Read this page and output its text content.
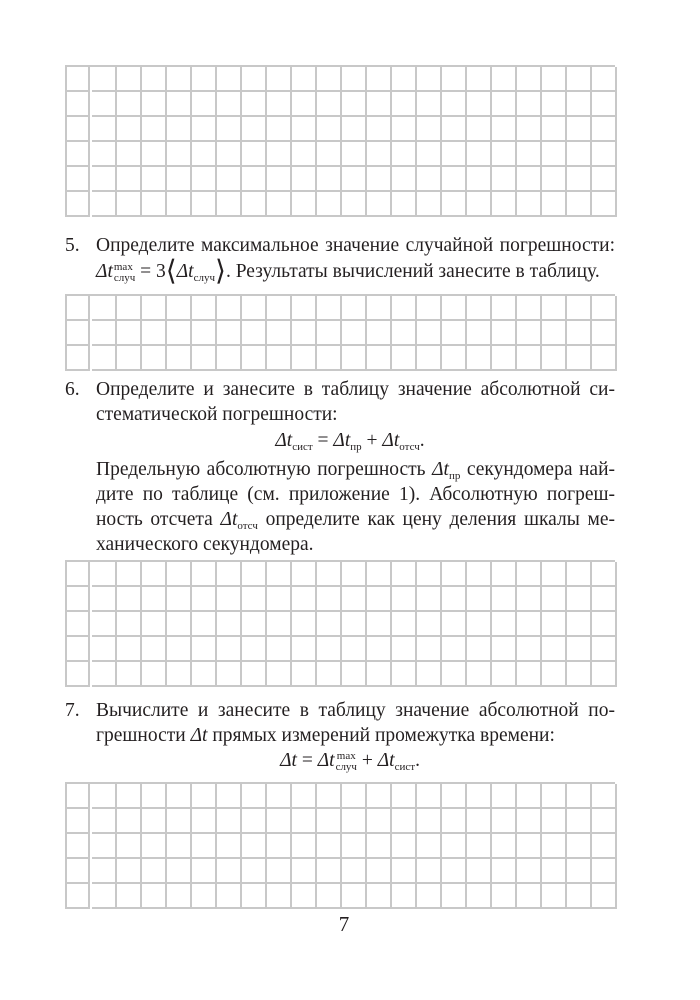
5. Определите максимальное значение случайной погрешности:
Δt max
случ = $3⟨\Delta t_{случ}⟩$. Результаты вычислений занесите в таблицу.
6. Определите и занесите в таблицу значение абсолютной си-
стематической погрешности:
$\Delta t_{сист} = \Delta t_{пр} + \Delta t_{отсч}$.
Предельную абсолютную погрешность $\Delta t_{пр}$ секундомера най-
дите по таблице (см. приложение 1). Абсолютную погреш-
ность отсчета $\Delta t_{отсч}$ определите как цену деления шкалы ме-
ханического секундомера.
7. Вычислите и занесите в таблицу значение абсолютной по-
грешности Δt прямых измерений промежутка времени:
Δt = Δt max
случ + $\Delta t_{сист}$.
7
